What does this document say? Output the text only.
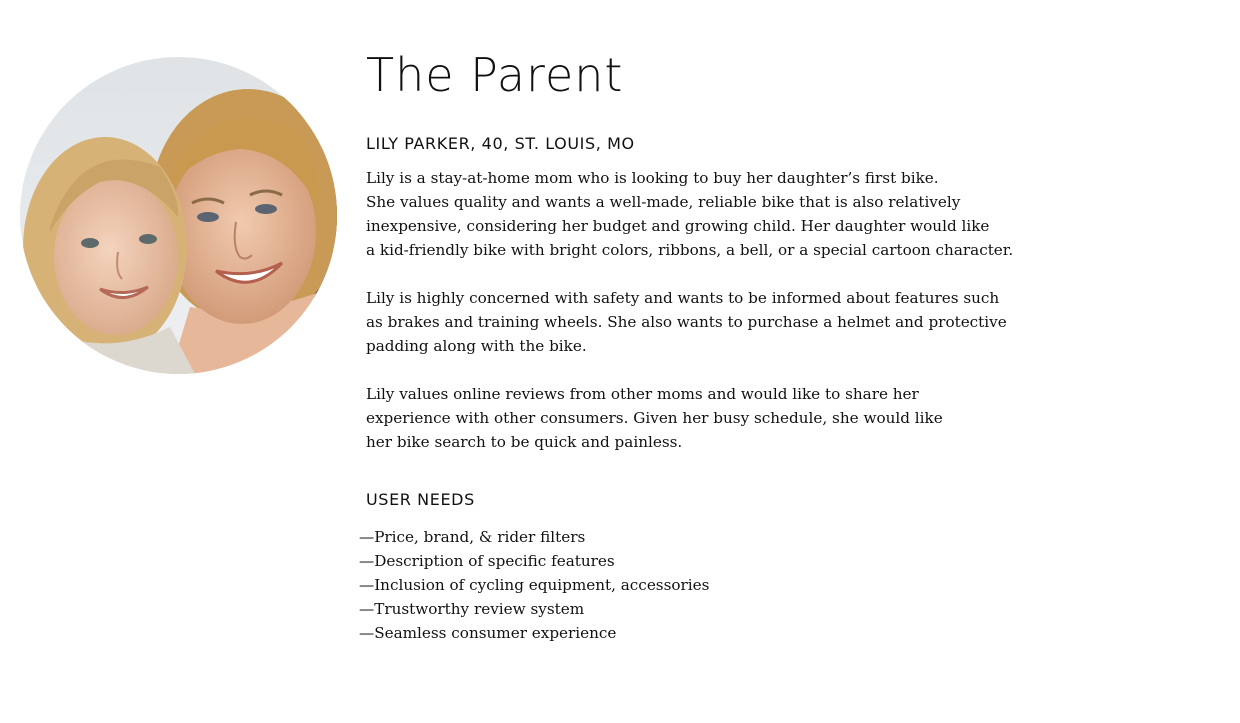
The Parent
LILY PARKER, 40, ST. LOUIS, MO

Lily is a stay-at-home mom who is looking to buy her daughter’s first bike.
She values quality and wants a well-made, reliable bike that is also relatively
inexpensive, considering her budget and growing child. Her daughter would like
a kid-friendly bike with bright colors, ribbons, a bell, or a special cartoon character.

Lily is highly concerned with safety and wants to be informed about features such
as brakes and training wheels. She also wants to purchase a helmet and protective
padding along with the bike.

Lily values online reviews from other moms and would like to share her
experience with other consumers. Given her busy schedule, she would like
her bike search to be quick and painless.

USER NEEDS
—Price, brand, & rider filters
—Description of specific features
—Inclusion of cycling equipment, accessories
—Trustworthy review system
—Seamless consumer experience
